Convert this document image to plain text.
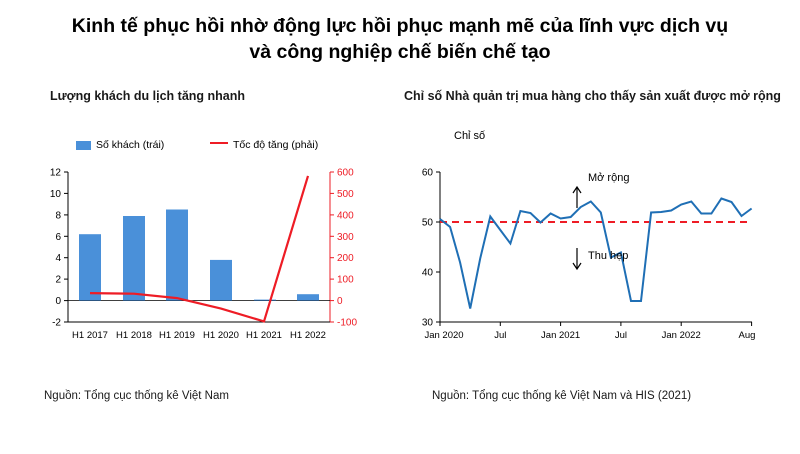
Kinh tế phục hồi nhờ động lực hồi phục mạnh mẽ của lĩnh vực dịch vụ và công nghiệp chế biến chế tạo
Lượng khách du lịch tăng nhanh
Số khách (trái)	Tốc độ tăng (phải)
12
10
8
6
4
2
0
-2
600
500
400
300
200
100
0
-100
H1 2017 H1 2018 H1 2019 H1 2020 H1 2021 H1 2022
Nguồn: Tổng cục thống kê Việt Nam
Chỉ số Nhà quản trị mua hàng cho thấy sản xuất được mở rộng
60
50
40
30
Jan 2020	Jul	Jan 2021	Jul	Jan 2022	Aug
Chỉ số
Mở rộng
Thu hẹp
Nguồn: Tổng cục thống kê Việt Nam và HIS (2021)
